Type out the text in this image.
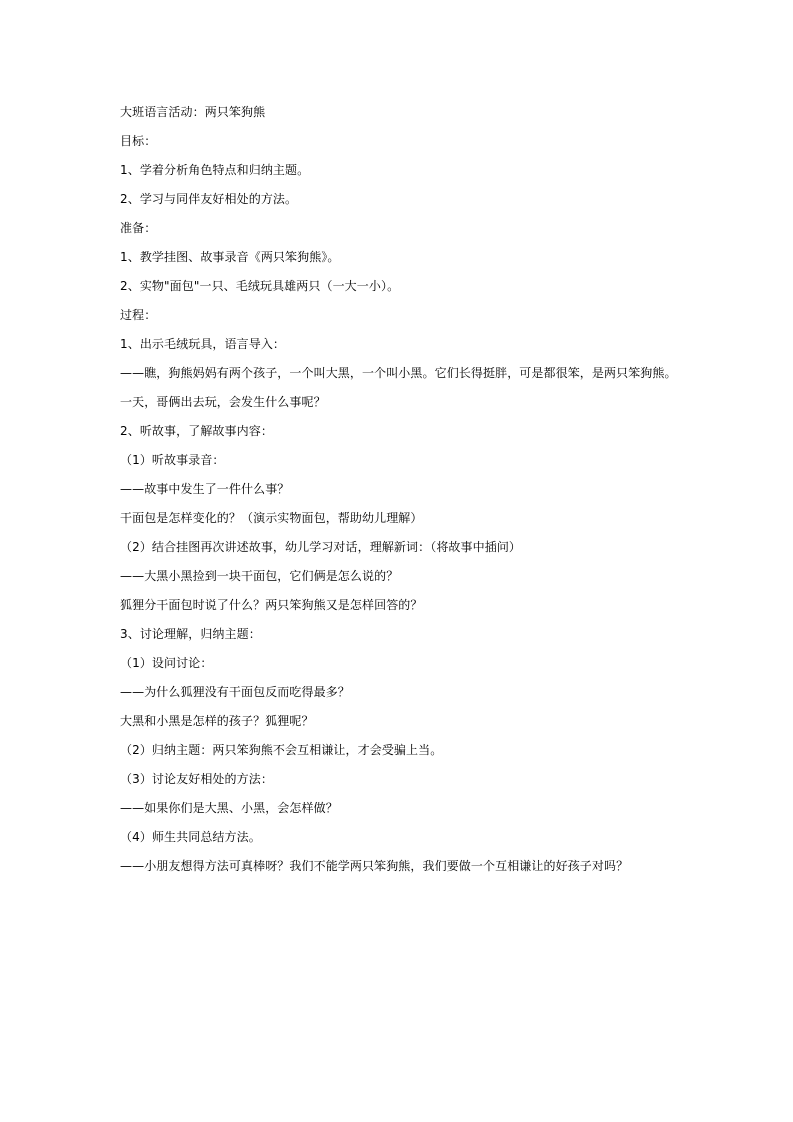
大班语言活动：两只笨狗熊
目标：
1、学着分析角色特点和归纳主题。
2、学习与同伴友好相处的方法。
准备：
1、教学挂图、故事录音《两只笨狗熊》。
2、实物"面包"一只、毛绒玩具雄两只（一大一小）。
过程：
1、出示毛绒玩具，语言导入：
——瞧，狗熊妈妈有两个孩子，一个叫大黑，一个叫小黑。它们长得挺胖，可是都很笨，是两只笨狗熊。
一天，哥俩出去玩，会发生什么事呢？
2、听故事，了解故事内容：
（1）听故事录音：
——故事中发生了一件什么事？
干面包是怎样变化的？（演示实物面包，帮助幼儿理解）
（2）结合挂图再次讲述故事，幼儿学习对话，理解新词：（将故事中插问）
——大黑小黑捡到一块干面包，它们俩是怎么说的？
狐狸分干面包时说了什么？两只笨狗熊又是怎样回答的？
3、讨论理解，归纳主题：
（1）设问讨论：
——为什么狐狸没有干面包反而吃得最多？
大黑和小黑是怎样的孩子？狐狸呢？
（2）归纳主题：两只笨狗熊不会互相谦让，才会受骗上当。
（3）讨论友好相处的方法：
——如果你们是大黑、小黑，会怎样做？
（4）师生共同总结方法。
——小朋友想得方法可真棒呀？我们不能学两只笨狗熊，我们要做一个互相谦让的好孩子对吗？
